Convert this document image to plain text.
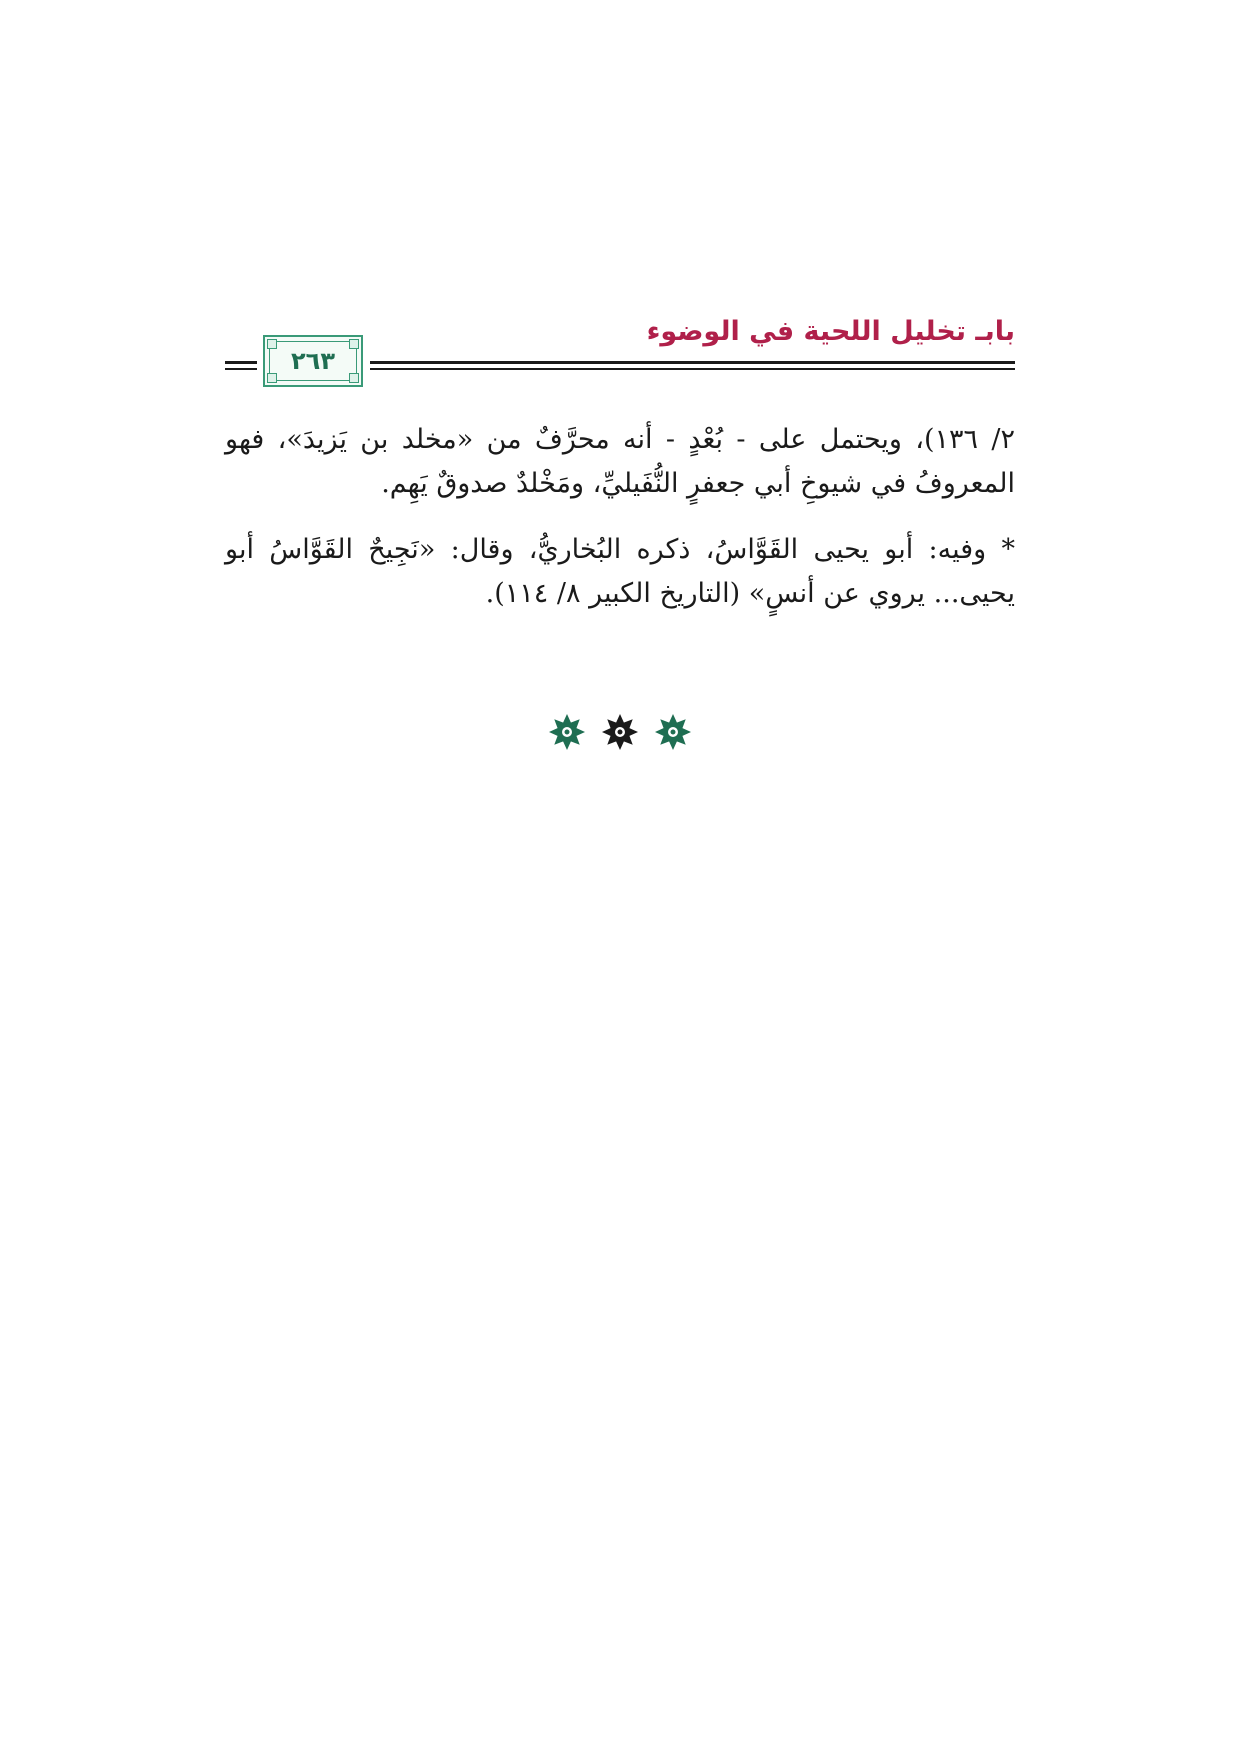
بابـ تخليل اللحية في الوضوء
٢٦٣

٢/ ١٣٦)، ويحتمل على - بُعْدٍ - أنه محرَّفٌ من «مخلد بن يَزيدَ»، فهو المعروفُ في شيوخِ أبي جعفرٍ النُّفَيليِّ، ومَخْلدٌ صدوقٌ يَهِم.

* وفيه: أبو يحيى القَوَّاسُ، ذكره البُخاريُّ، وقال: «نَجِيحٌ القَوَّاسُ أبو يحيى... يروي عن أنسٍ» (التاريخ الكبير ٨/ ١١٤).
